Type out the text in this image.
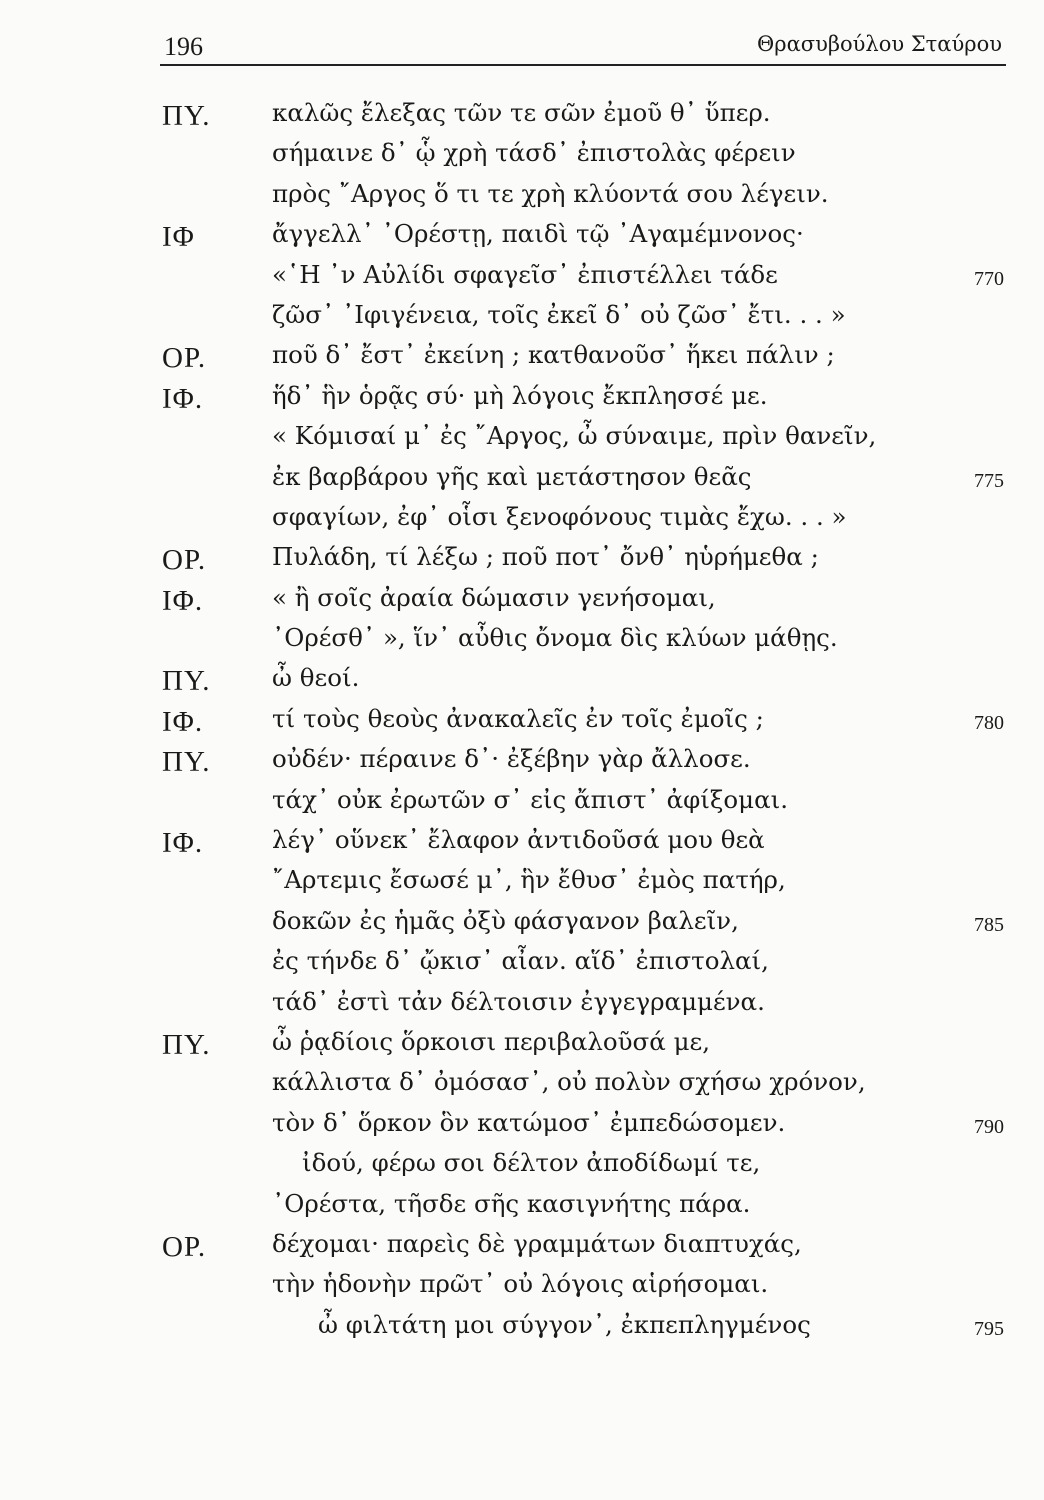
196	Θρασυβούλου Σταύρου
ΠΥ.	καλῶς ἔλεξας τῶν τε σῶν ἐμοῦ θ᾽ ὕπερ.
σήμαινε δ᾽ ᾧ χρὴ τάσδ᾽ ἐπιστολὰς φέρειν
πρὸς ῎Αργος ὅ τι τε χρὴ κλύοντά σου λέγειν.
ΙΦ	ἄγγελλ᾽ ᾽Ορέστῃ, παιδὶ τῷ ᾽Αγαμέμνονος·
«῾Η ᾽ν Αὐλίδι σφαγεῖσ᾽ ἐπιστέλλει τάδε	770
ζῶσ᾽ ᾽Ιφιγένεια, τοῖς ἐκεῖ δ᾽ οὐ ζῶσ᾽ ἔτι. . . »
ΟΡ.	ποῦ δ᾽ ἔστ᾽ ἐκείνη ; κατθανοῦσ᾽ ἥκει πάλιν ;
ΙΦ.	ἥδ᾽ ἣν ὁρᾷς σύ· μὴ λόγοις ἔκπλησσέ με.
« Κόμισαί μ᾽ ἐς ῎Αργος, ὦ σύναιμε, πρὶν θανεῖν,
ἐκ βαρβάρου γῆς καὶ μετάστησον θεᾶς	775
σφαγίων, ἐφ᾽ οἷσι ξενοφόνους τιμὰς ἔχω. . . »
ΟΡ.	Πυλάδη, τί λέξω ; ποῦ ποτ᾽ ὄνθ᾽ ηὑρήμεθα ;
ΙΦ.	« ἢ σοῖς ἀραία δώμασιν γενήσομαι,
᾽Ορέσθ᾽ », ἵν᾽ αὖθις ὄνομα δὶς κλύων μάθῃς.
ΠΥ.	ὦ θεοί.
ΙΦ.	τί τοὺς θεοὺς ἀνακαλεῖς ἐν τοῖς ἐμοῖς ;	780
ΠΥ.	οὐδέν· πέραινε δ᾽· ἐξέβην γὰρ ἄλλοσε.
τάχ᾽ οὐκ ἐρωτῶν σ᾽ εἰς ἄπιστ᾽ ἀφίξομαι.
ΙΦ.	λέγ᾽ οὕνεκ᾽ ἔλαφον ἀντιδοῦσά μου θεὰ
῎Αρτεμις ἔσωσέ μ᾽, ἣν ἔθυσ᾽ ἐμὸς πατήρ,
δοκῶν ἐς ἡμᾶς ὀξὺ φάσγανον βαλεῖν,	785
ἐς τήνδε δ᾽ ᾤκισ᾽ αἶαν. αἵδ᾽ ἐπιστολαί,
τάδ᾽ ἐστὶ τἀν δέλτοισιν ἐγγεγραμμένα.
ΠΥ.	ὦ ῥᾳδίοις ὅρκοισι περιβαλοῦσά με,
κάλλιστα δ᾽ ὀμόσασ᾽, οὐ πολὺν σχήσω χρόνον,
τὸν δ᾽ ὅρκον ὃν κατώμοσ᾽ ἐμπεδώσομεν.	790
ἰδού, φέρω σοι δέλτον ἀποδίδωμί τε,
᾽Ορέστα, τῆσδε σῆς κασιγνήτης πάρα.
ΟΡ.	δέχομαι· παρεὶς δὲ γραμμάτων διαπτυχάς,
τὴν ἡδονὴν πρῶτ᾽ οὐ λόγοις αἱρήσομαι.
ὦ φιλτάτη μοι σύγγον᾽, ἐκπεπληγμένος	795
